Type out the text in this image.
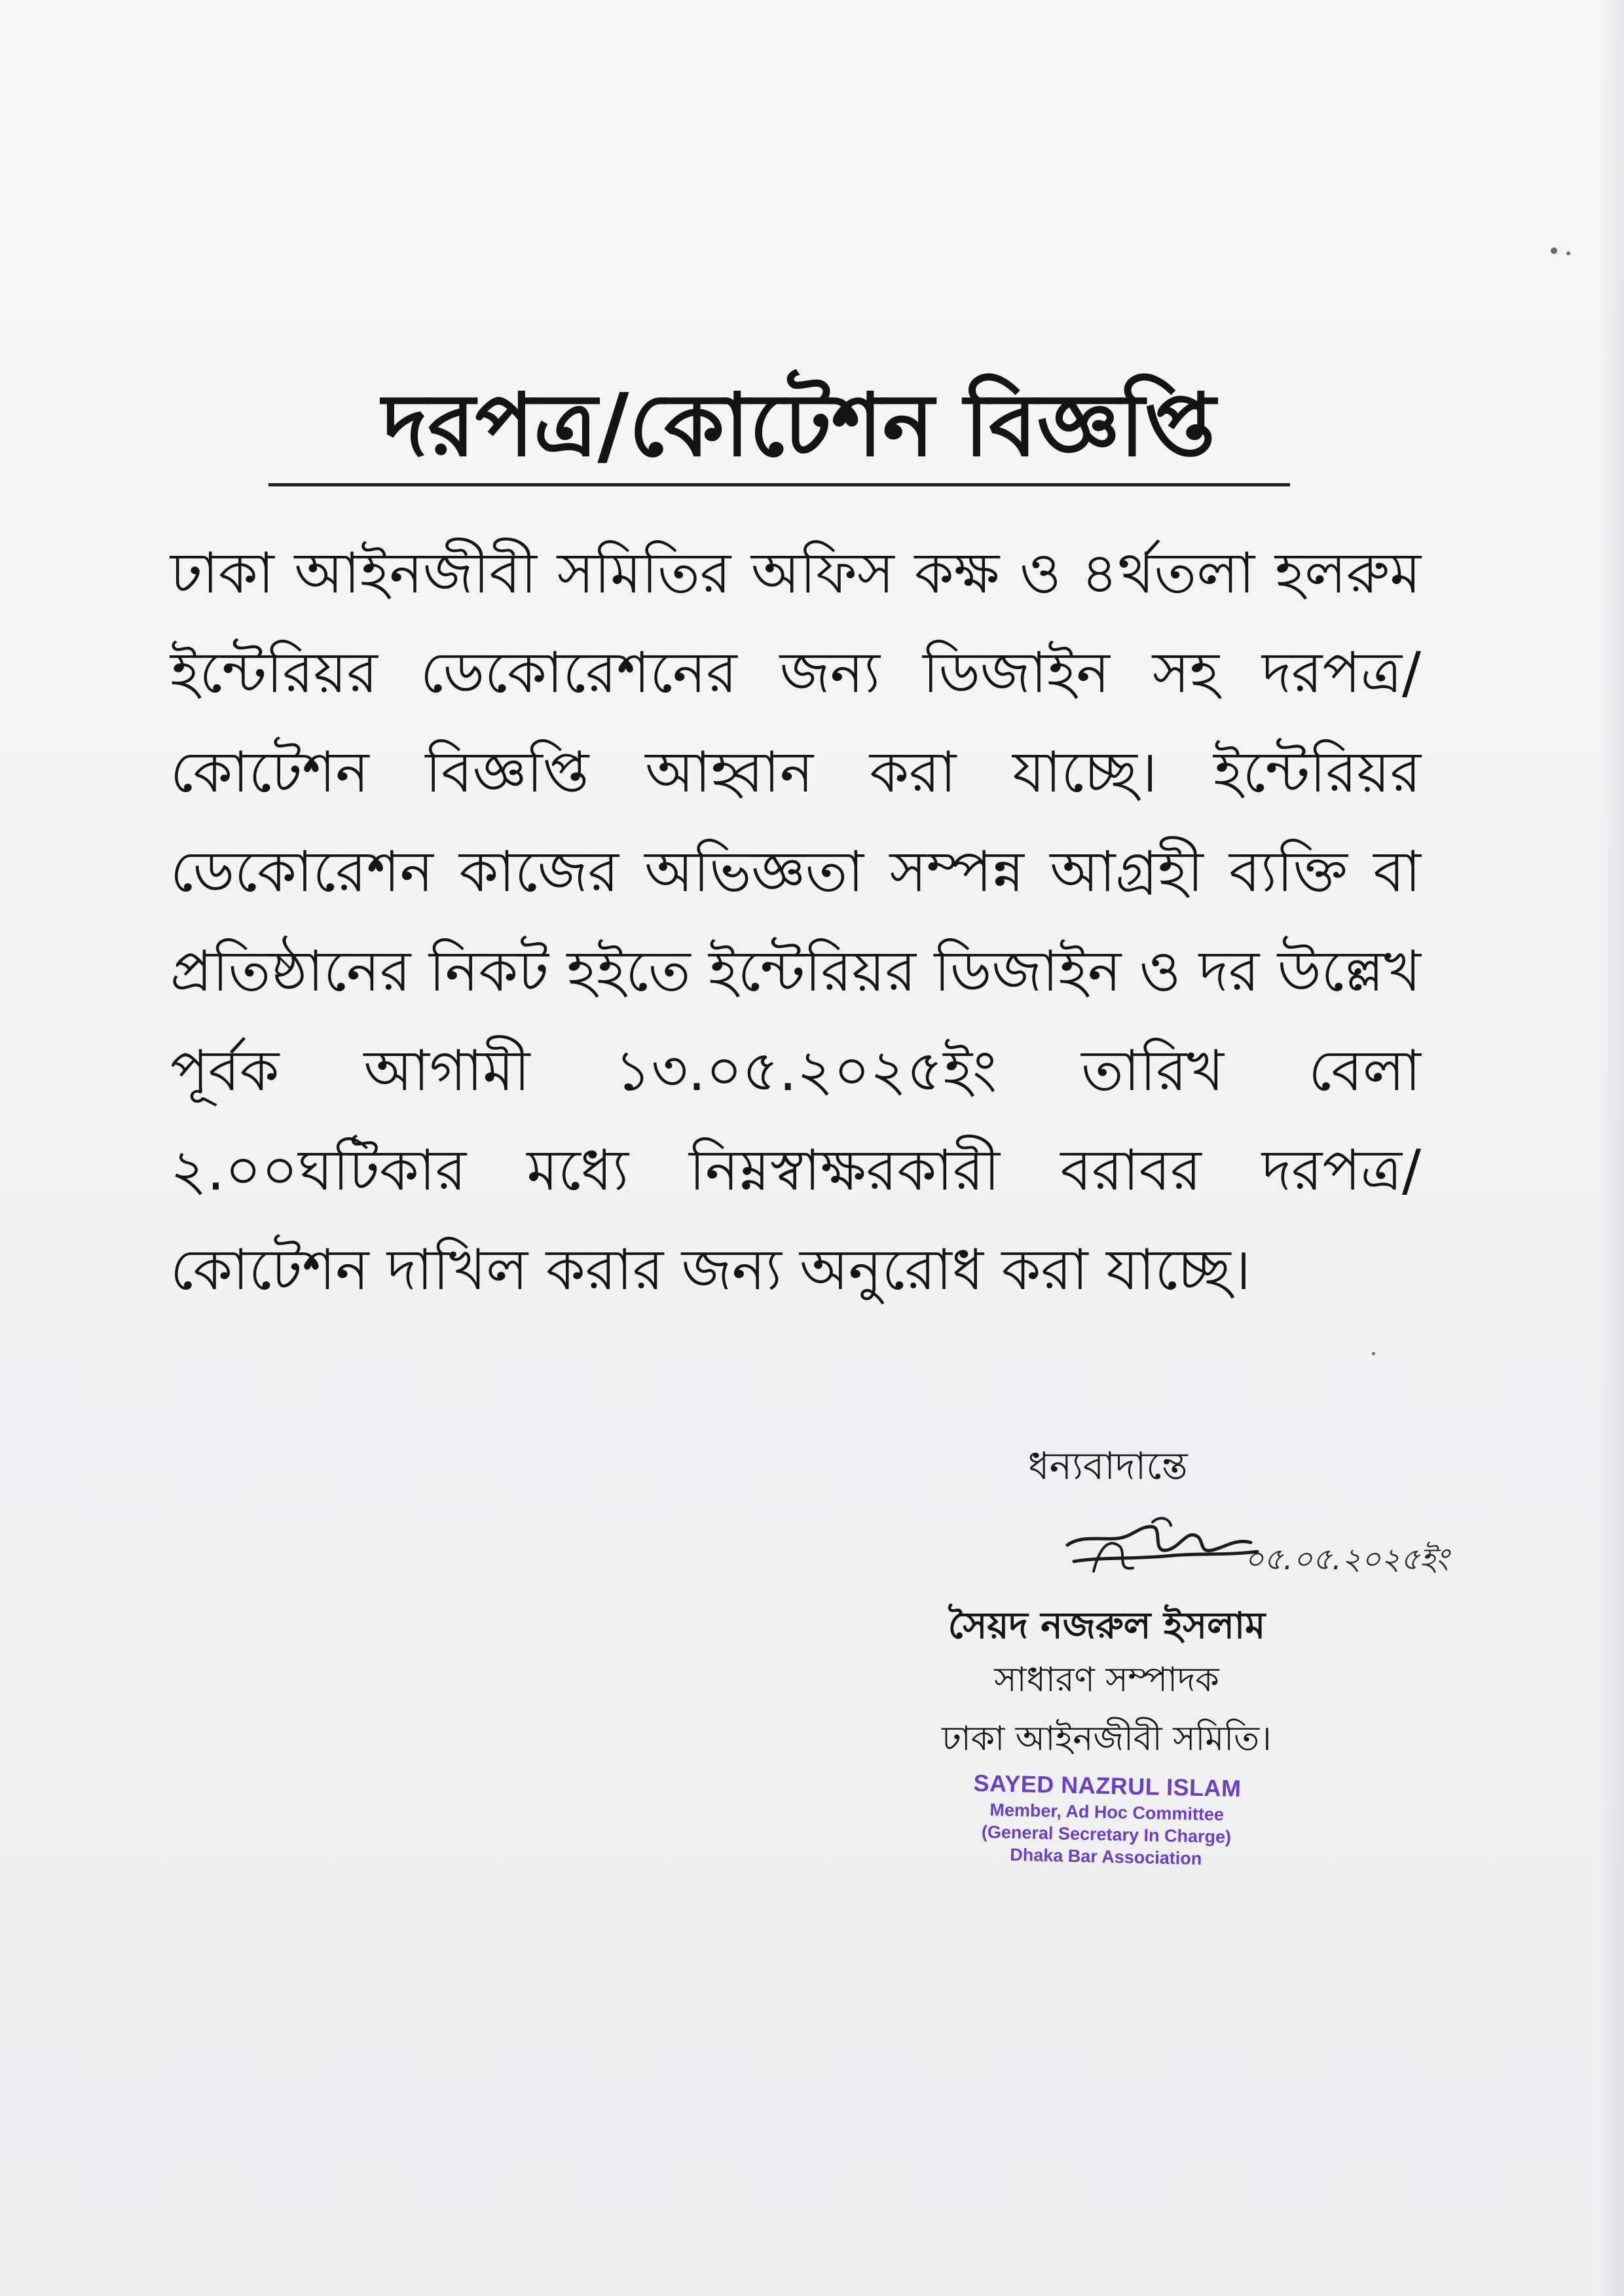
দরপত্র/কোটেশন বিজ্ঞপ্তি

ঢাকা আইনজীবী সমিতির অফিস কক্ষ ও ৪র্থতলা হলরুম ইন্টেরিয়র ডেকোরেশনের জন্য ডিজাইন সহ দরপত্র/কোটেশন বিজ্ঞপ্তি আহ্বান করা যাচ্ছে। ইন্টেরিয়র ডেকোরেশন কাজের অভিজ্ঞতা সম্পন্ন আগ্রহী ব্যক্তি বা প্রতিষ্ঠানের নিকট হইতে ইন্টেরিয়র ডিজাইন ও দর উল্লেখ পূর্বক আগামী ১৩.০৫.২০২৫ইং তারিখ বেলা ২.০০ঘটিকার মধ্যে নিম্নস্বাক্ষরকারী বরাবর দরপত্র/কোটেশন দাখিল করার জন্য অনুরোধ করা যাচ্ছে।

ধন্যবাদান্তে
০৫.০৫.২০২৫ইং
সৈয়দ নজরুল ইসলাম
সাধারণ সম্পাদক
ঢাকা আইনজীবী সমিতি।
SAYED NAZRUL ISLAM
Member, Ad Hoc Committee
(General Secretary In Charge)
Dhaka Bar Association
